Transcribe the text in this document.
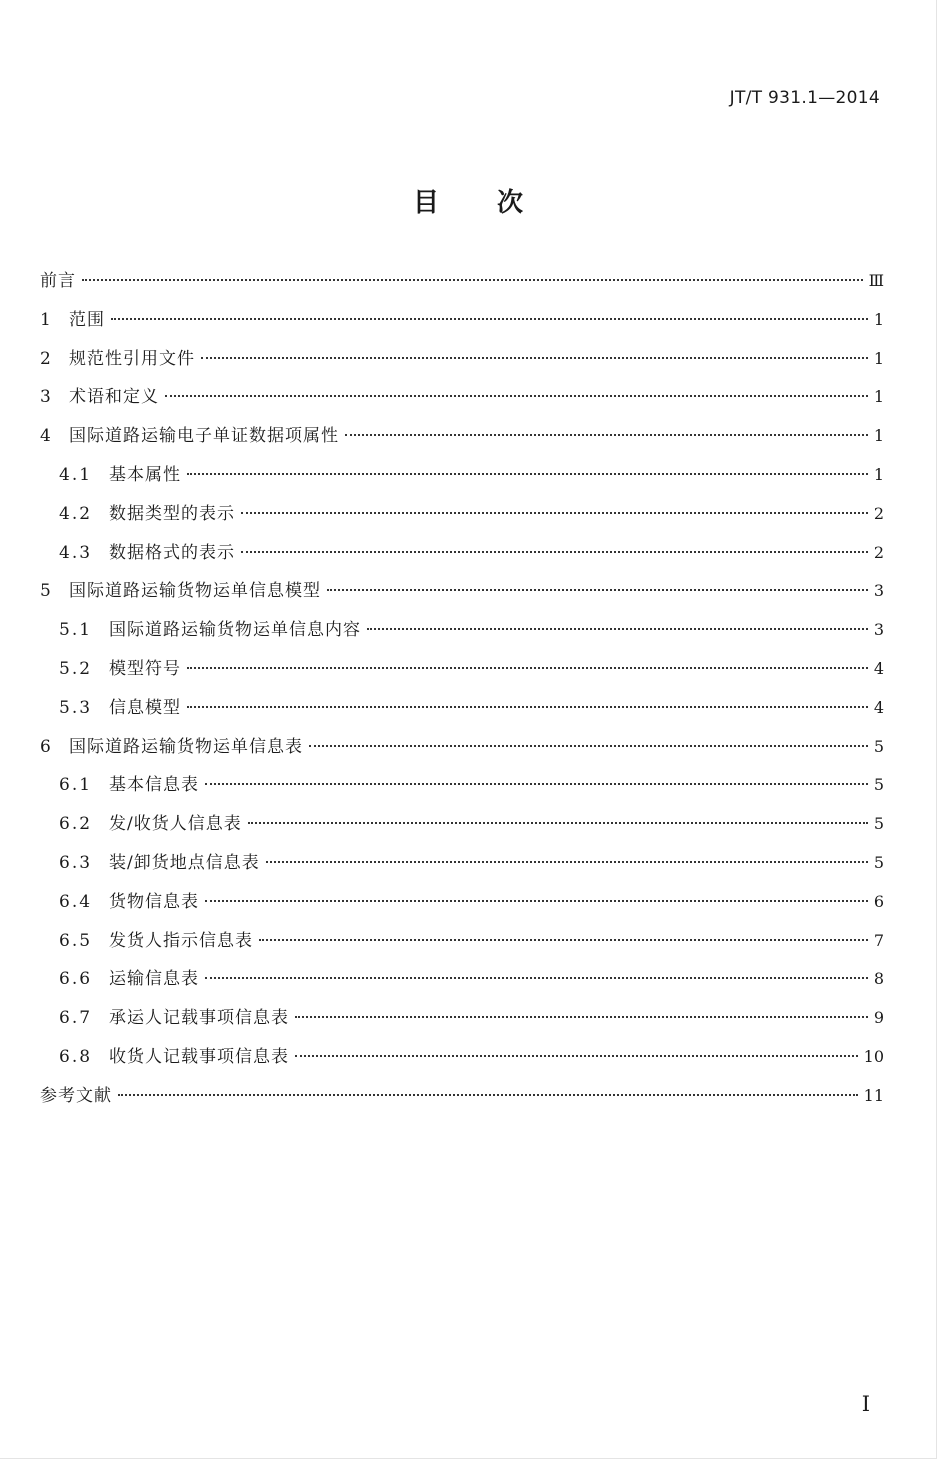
JT/T 931.1—2014
目次
前言	Ⅲ
1	范围	1
2	规范性引用文件	1
3	术语和定义	1
4	国际道路运输电子单证数据项属性	1
4.1 基本属性	1
4.2 数据类型的表示	2
4.3 数据格式的表示	2
5	国际道路运输货物运单信息模型	3
5.1 国际道路运输货物运单信息内容	3
5.2 模型符号	4
5.3 信息模型	4
6	国际道路运输货物运单信息表	5
6.1 基本信息表	5
6.2 发/收货人信息表	5
6.3 装/卸货地点信息表	5
6.4 货物信息表	6
6.5 发货人指示信息表	7
6.6 运输信息表	8
6.7 承运人记载事项信息表	9
6.8 收货人记载事项信息表	10
参考文献	11
I
